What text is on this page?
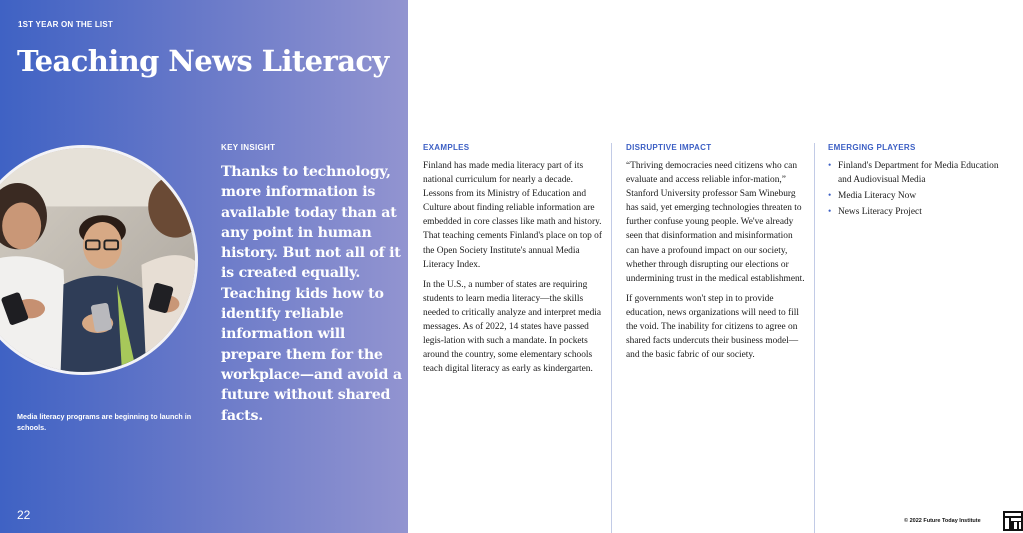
1ST YEAR ON THE LIST
Teaching News Literacy
Media literacy programs are beginning to launch in schools.
KEY INSIGHT
Thanks to technology, more information is available today than at any point in human history. But not all of it is created equally. Teaching kids how to identify reliable information will prepare them for the workplace—and avoid a future without shared facts.
22
EXAMPLES

Finland has made media literacy part of its national curriculum for nearly a decade. Lessons from its Ministry of Education and Culture about finding reliable information are embedded in core classes like math and history. That teaching cements Finland's place on top of the Open Society Institute's annual Media Literacy Index.

In the U.S., a number of states are requiring students to learn media literacy—the skills needed to critically analyze and interpret media messages. As of 2022, 14 states have passed legis-lation with such a mandate. In pockets around the country, some elementary schools teach digital literacy as early as kindergarten.

DISRUPTIVE IMPACT

“Thriving democracies need citizens who can evaluate and access reliable infor-mation,” Stanford University professor Sam Wineburg has said, yet emerging technologies threaten to further confuse young people. We've already seen that disinformation and misinformation can have a profound impact on our society, whether through disrupting our elections or undermining trust in the medical establishment.

If governments won't step in to provide education, news organizations will need to fill the void. The inability for citizens to agree on shared facts undercuts their business model—and the basic fabric of our society.

EMERGING PLAYERS
• Finland's Department for Media Education and Audiovisual Media
• Media Literacy Now
• News Literacy Project
© 2022 Future Today Institute
